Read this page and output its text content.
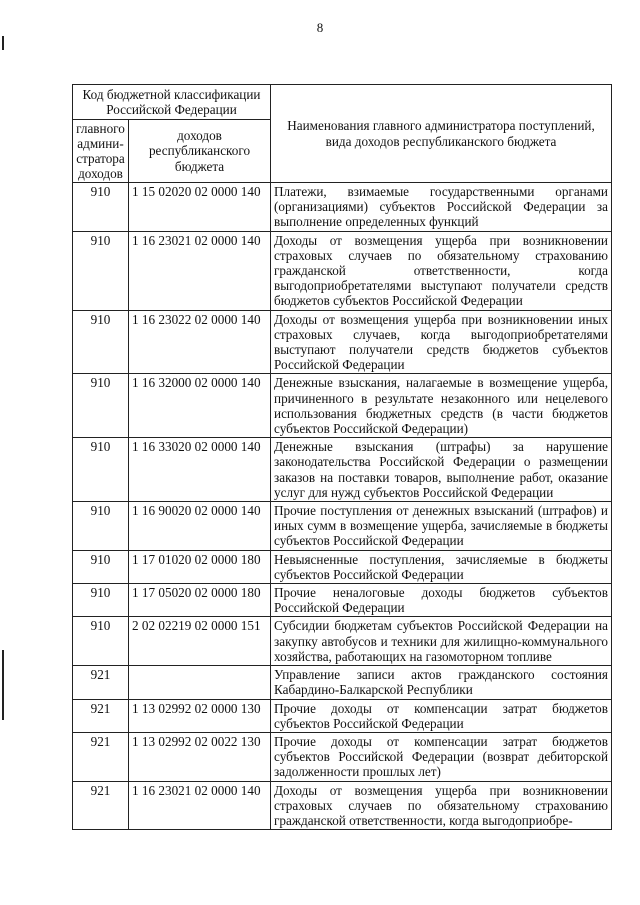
8
Код бюджетной классификации Российской Федерации		Наименования главного администратора поступлений, вида доходов республиканского бюджета
главного админи-стратора доходов	доходов республиканского бюджета	
910	1 15 02020 02 0000 140	Платежи, взимаемые государственными органами (организациями) субъектов Российской Федерации за выполнение определенных функций
910	1 16 23021 02 0000 140	Доходы от возмещения ущерба при возникновении страховых случаев по обязательному страхованию гражданской ответственности, когда выгодоприобретателями выступают получатели средств бюджетов субъектов Российской Федерации
910	1 16 23022 02 0000 140	Доходы от возмещения ущерба при возникновении иных страховых случаев, когда выгодоприобретателями выступают получатели средств бюджетов субъектов Российской Федерации
910	1 16 32000 02 0000 140	Денежные взыскания, налагаемые в возмещение ущерба, причиненного в результате незаконного или нецелевого использования бюджетных средств (в части бюджетов субъектов Российской Федерации)
910	1 16 33020 02 0000 140	Денежные взыскания (штрафы) за нарушение законодательства Российской Федерации о размещении заказов на поставки товаров, выполнение работ, оказание услуг для нужд субъектов Российской Федерации
910	1 16 90020 02 0000 140	Прочие поступления от денежных взысканий (штрафов) и иных сумм в возмещение ущерба, зачисляемые в бюджеты субъектов Российской Федерации
910	1 17 01020 02 0000 180	Невыясненные поступления, зачисляемые в бюджеты субъектов Российской Федерации
910	1 17 05020 02 0000 180	Прочие неналоговые доходы бюджетов субъектов Российской Федерации
910	2 02 02219 02 0000 151	Субсидии бюджетам субъектов Российской Федерации на закупку автобусов и техники для жилищно-коммунального хозяйства, работающих на газомоторном топливе
921		Управление записи актов гражданского состояния Кабардино-Балкарской Республики
921	1 13 02992 02 0000 130	Прочие доходы от компенсации затрат бюджетов субъектов Российской Федерации
921	1 13 02992 02 0022 130	Прочие доходы от компенсации затрат бюджетов субъектов Российской Федерации (возврат дебиторской задолженности прошлых лет)
921	1 16 23021 02 0000 140	Доходы от возмещения ущерба при возникновении страховых случаев по обязательному страхованию гражданской ответственности, когда выгодоприобре-
